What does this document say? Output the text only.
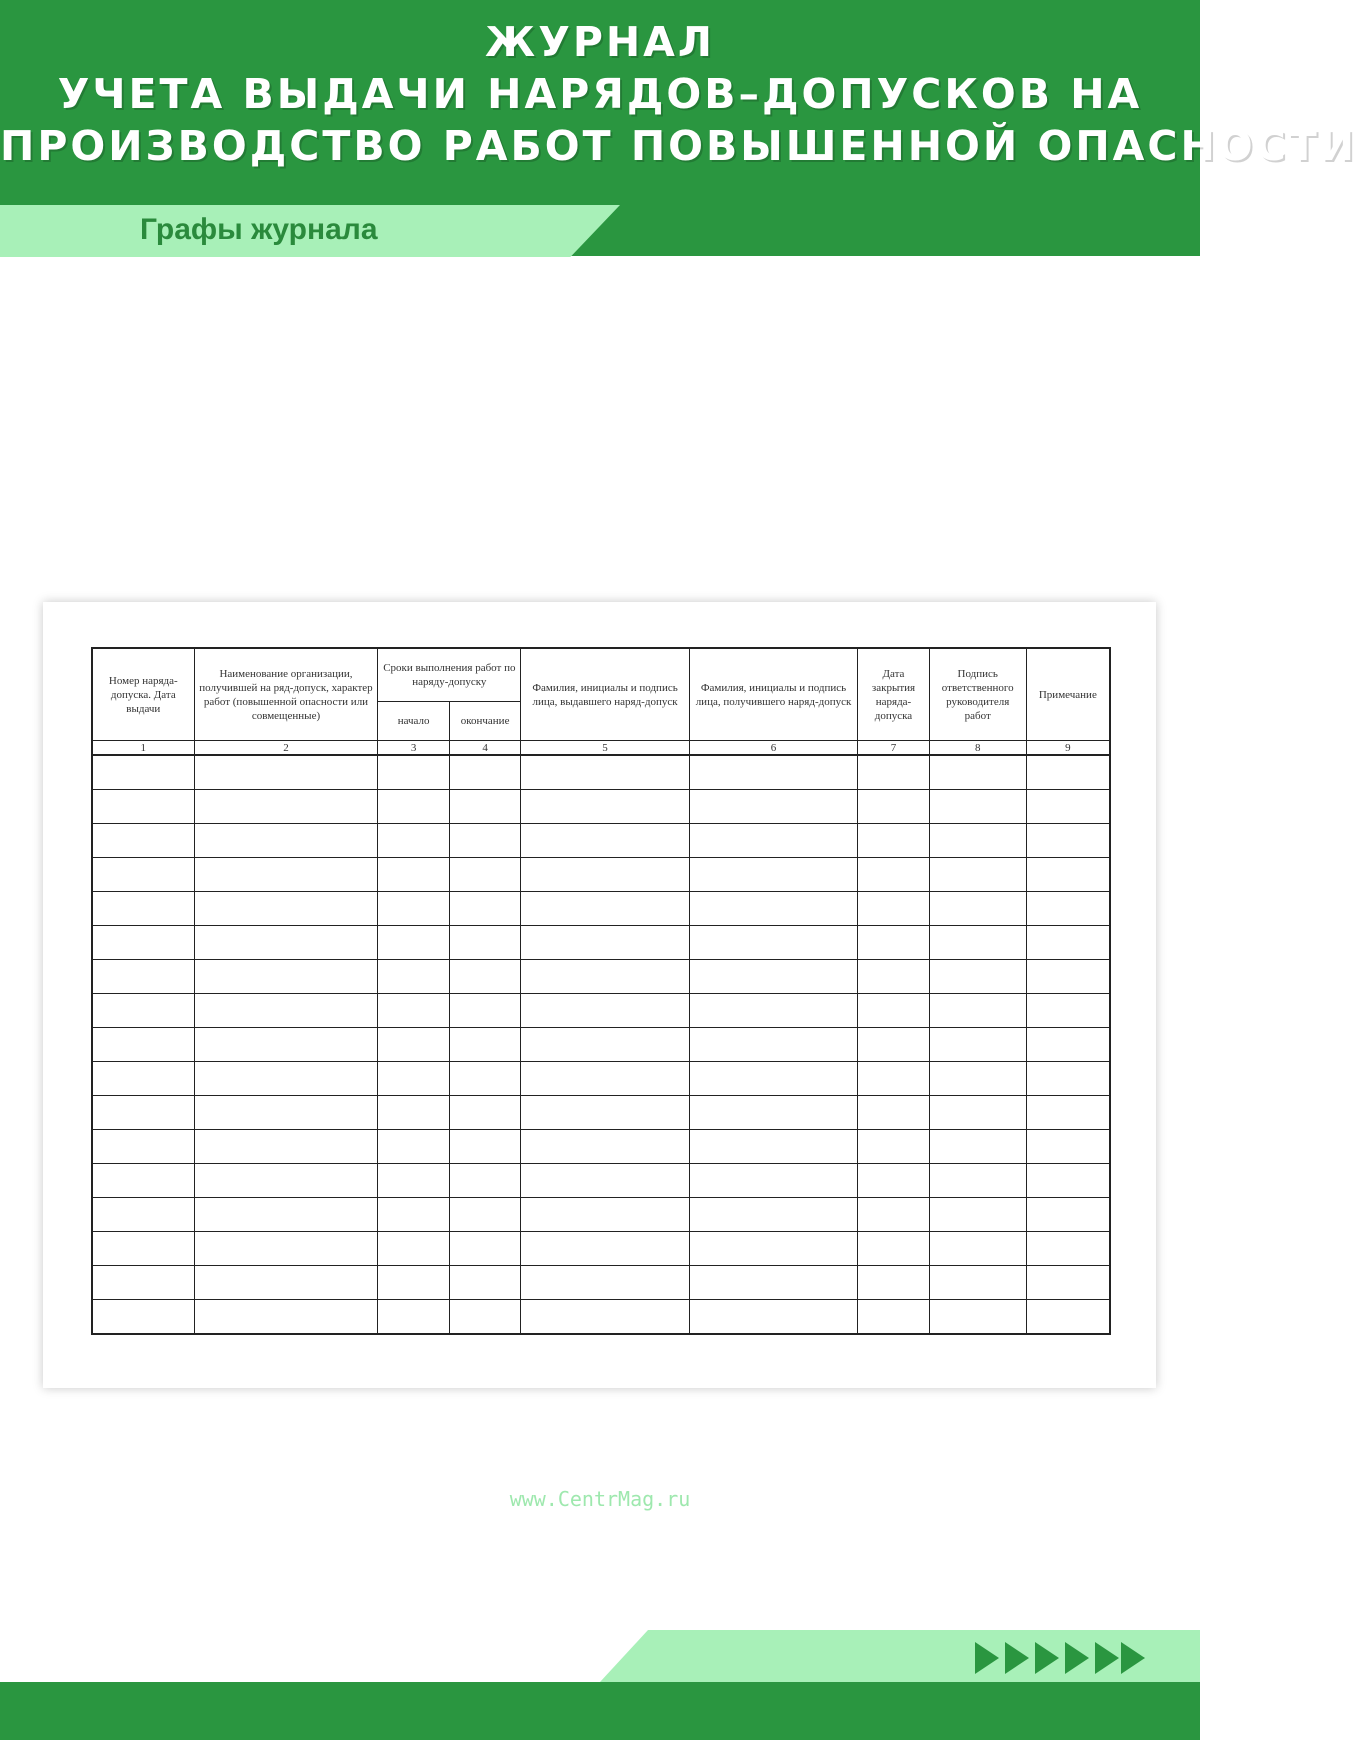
ЖУРНАЛ
УЧЕТА ВЫДАЧИ НАРЯДОВ–ДОПУСКОВ НА
ПРОИЗВОДСТВО РАБОТ ПОВЫШЕННОЙ ОПАСНОСТИ
Графы журнала
Номер наряда-допуска. Дата выдачи	Наименование организации, получившей на ряд-допуск, характер работ (повышенной опасности или совмещенные)	Сроки выполнения работ по наряду-допуску		Фамилия, инициалы и подпись лица, выдавшего наряд-допуск	Фамилия, инициалы и подпись лица, получившего наряд-допуск	Дата закрытия наряда-допуска	Подпись ответственного руководителя работ	Примечание
		начало	окончание					
1	2	3	4	5	6	7	8	9

www.CentrMag.ru
